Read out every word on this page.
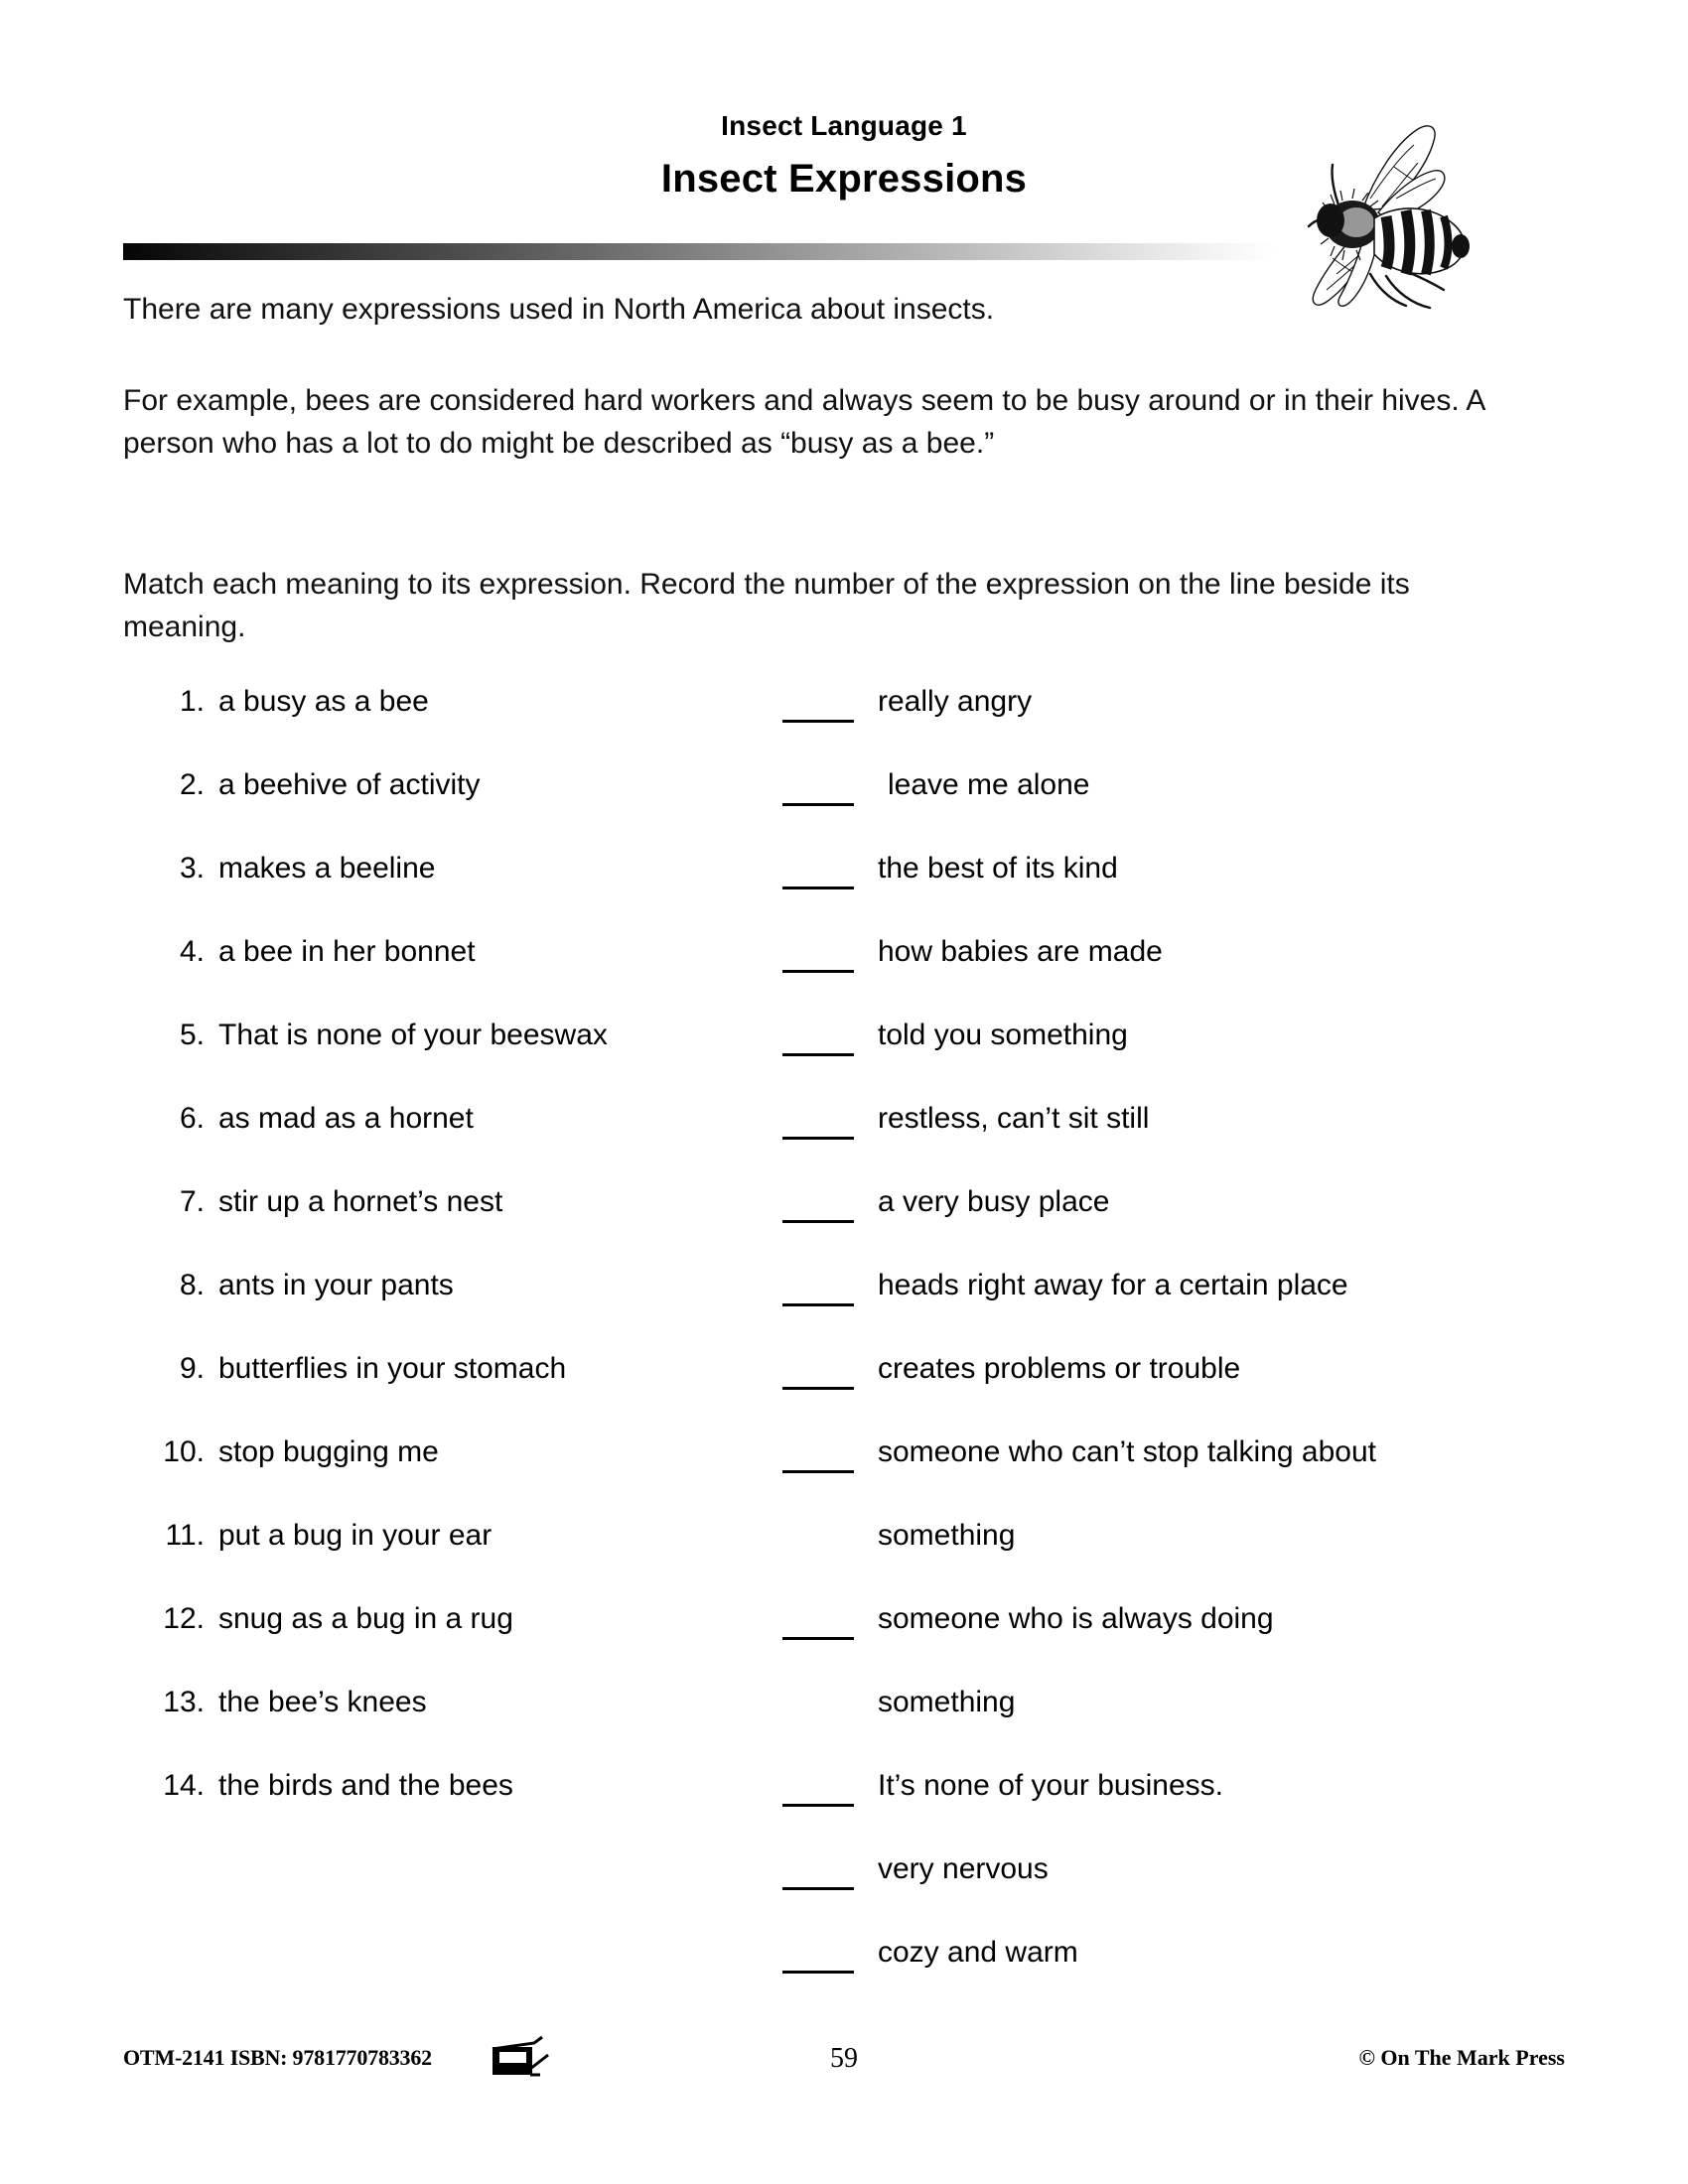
Insect Language 1
Insect Expressions
There are many expressions used in North America about insects.
For example, bees are considered hard workers and always seem to be busy around or in their hives. A person who has a lot to do might be described as “busy as a bee.”
Match each meaning to its expression. Record the number of the expression on the line beside its meaning.
1. a busy as a bee
2. a beehive of activity
3. makes a beeline
4. a bee in her bonnet
5. That is none of your beeswax
6. as mad as a hornet
7. stir up a hornet’s nest
8. ants in your pants
9. butterflies in your stomach
10. stop bugging me
11. put a bug in your ear
12. snug as a bug in a rug
13. the bee’s knees
14. the birds and the bees
really angry
leave me alone
the best of its kind
how babies are made
told you something
restless, can’t sit still
a very busy place
heads right away for a certain place
creates problems or trouble
someone who can’t stop talking about
something
someone who is always doing
something
It’s none of your business.
very nervous
cozy and warm
OTM-2141 ISBN: 9781770783362	59	© On The Mark Press
